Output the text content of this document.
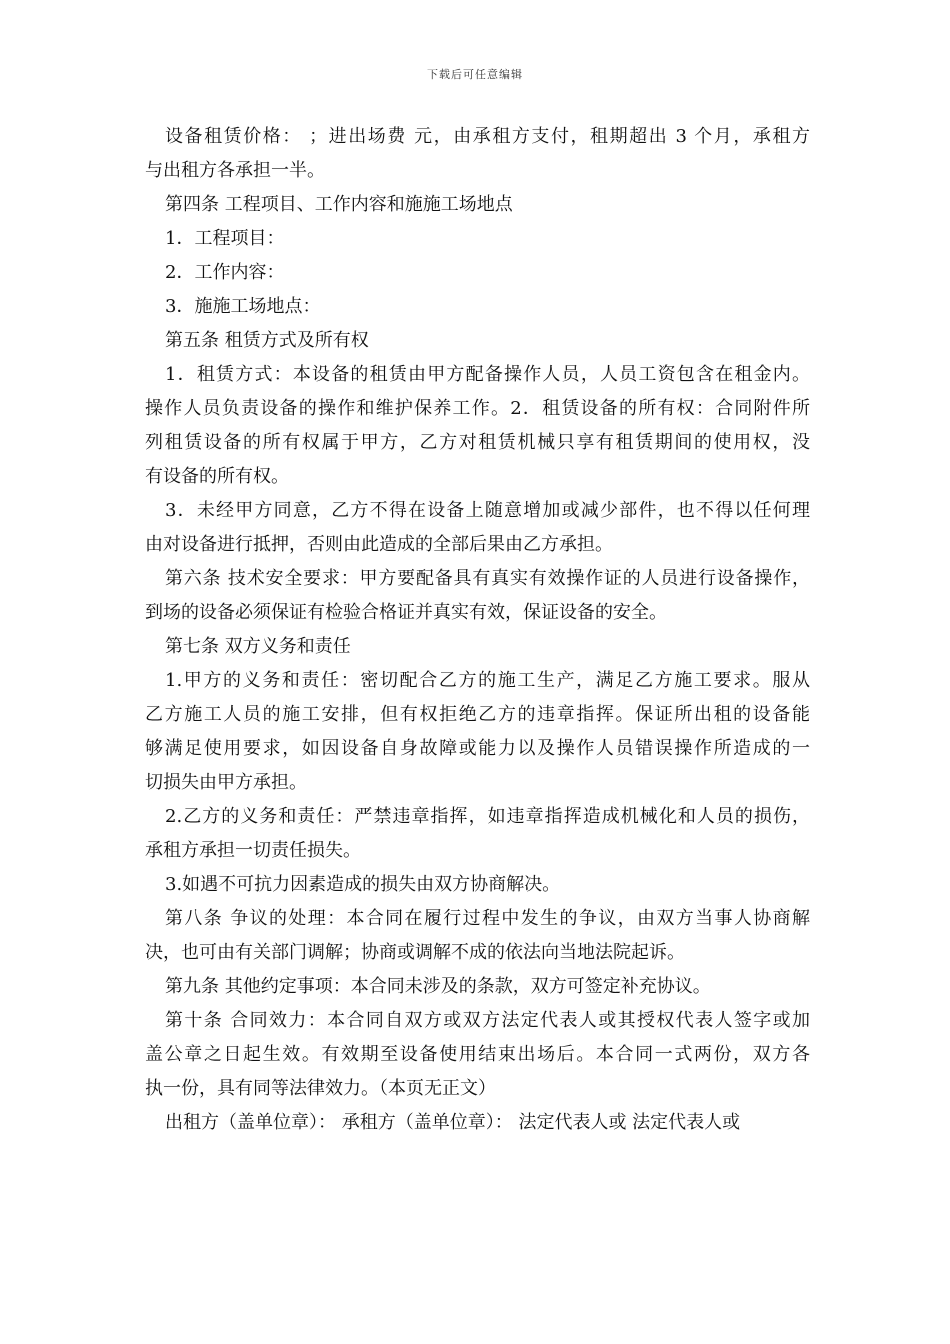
下载后可任意编辑
设备租赁价格： ；进出场费 元，由承租方支付，租期超出 3 个月，承租方
与出租方各承担一半。
第四条 工程项目、工作内容和施施工场地点
1．工程项目：
2．工作内容：
3．施施工场地点：
第五条 租赁方式及所有权
1．租赁方式：本设备的租赁由甲方配备操作人员，人员工资包含在租金内。
操作人员负责设备的操作和维护保养工作。2．租赁设备的所有权：合同附件所
列租赁设备的所有权属于甲方，乙方对租赁机械只享有租赁期间的使用权，没
有设备的所有权。
3．未经甲方同意，乙方不得在设备上随意增加或减少部件，也不得以任何理
由对设备进行抵押，否则由此造成的全部后果由乙方承担。
第六条 技术安全要求：甲方要配备具有真实有效操作证的人员进行设备操作，
到场的设备必须保证有检验合格证并真实有效，保证设备的安全。
第七条 双方义务和责任
1.甲方的义务和责任：密切配合乙方的施工生产，满足乙方施工要求。服从
乙方施工人员的施工安排，但有权拒绝乙方的违章指挥。保证所出租的设备能
够满足使用要求，如因设备自身故障或能力以及操作人员错误操作所造成的一
切损失由甲方承担。
2.乙方的义务和责任：严禁违章指挥，如违章指挥造成机械化和人员的损伤，
承租方承担一切责任损失。
3.如遇不可抗力因素造成的损失由双方协商解决。
第八条 争议的处理：本合同在履行过程中发生的争议，由双方当事人协商解
决，也可由有关部门调解；协商或调解不成的依法向当地法院起诉。
第九条 其他约定事项：本合同未涉及的条款，双方可签定补充协议。
第十条 合同效力：本合同自双方或双方法定代表人或其授权代表人签字或加
盖公章之日起生效。有效期至设备使用结束出场后。本合同一式两份，双方各
执一份，具有同等法律效力。（本页无正文）
出租方（盖单位章）： 承租方（盖单位章）： 法定代表人或 法定代表人或
